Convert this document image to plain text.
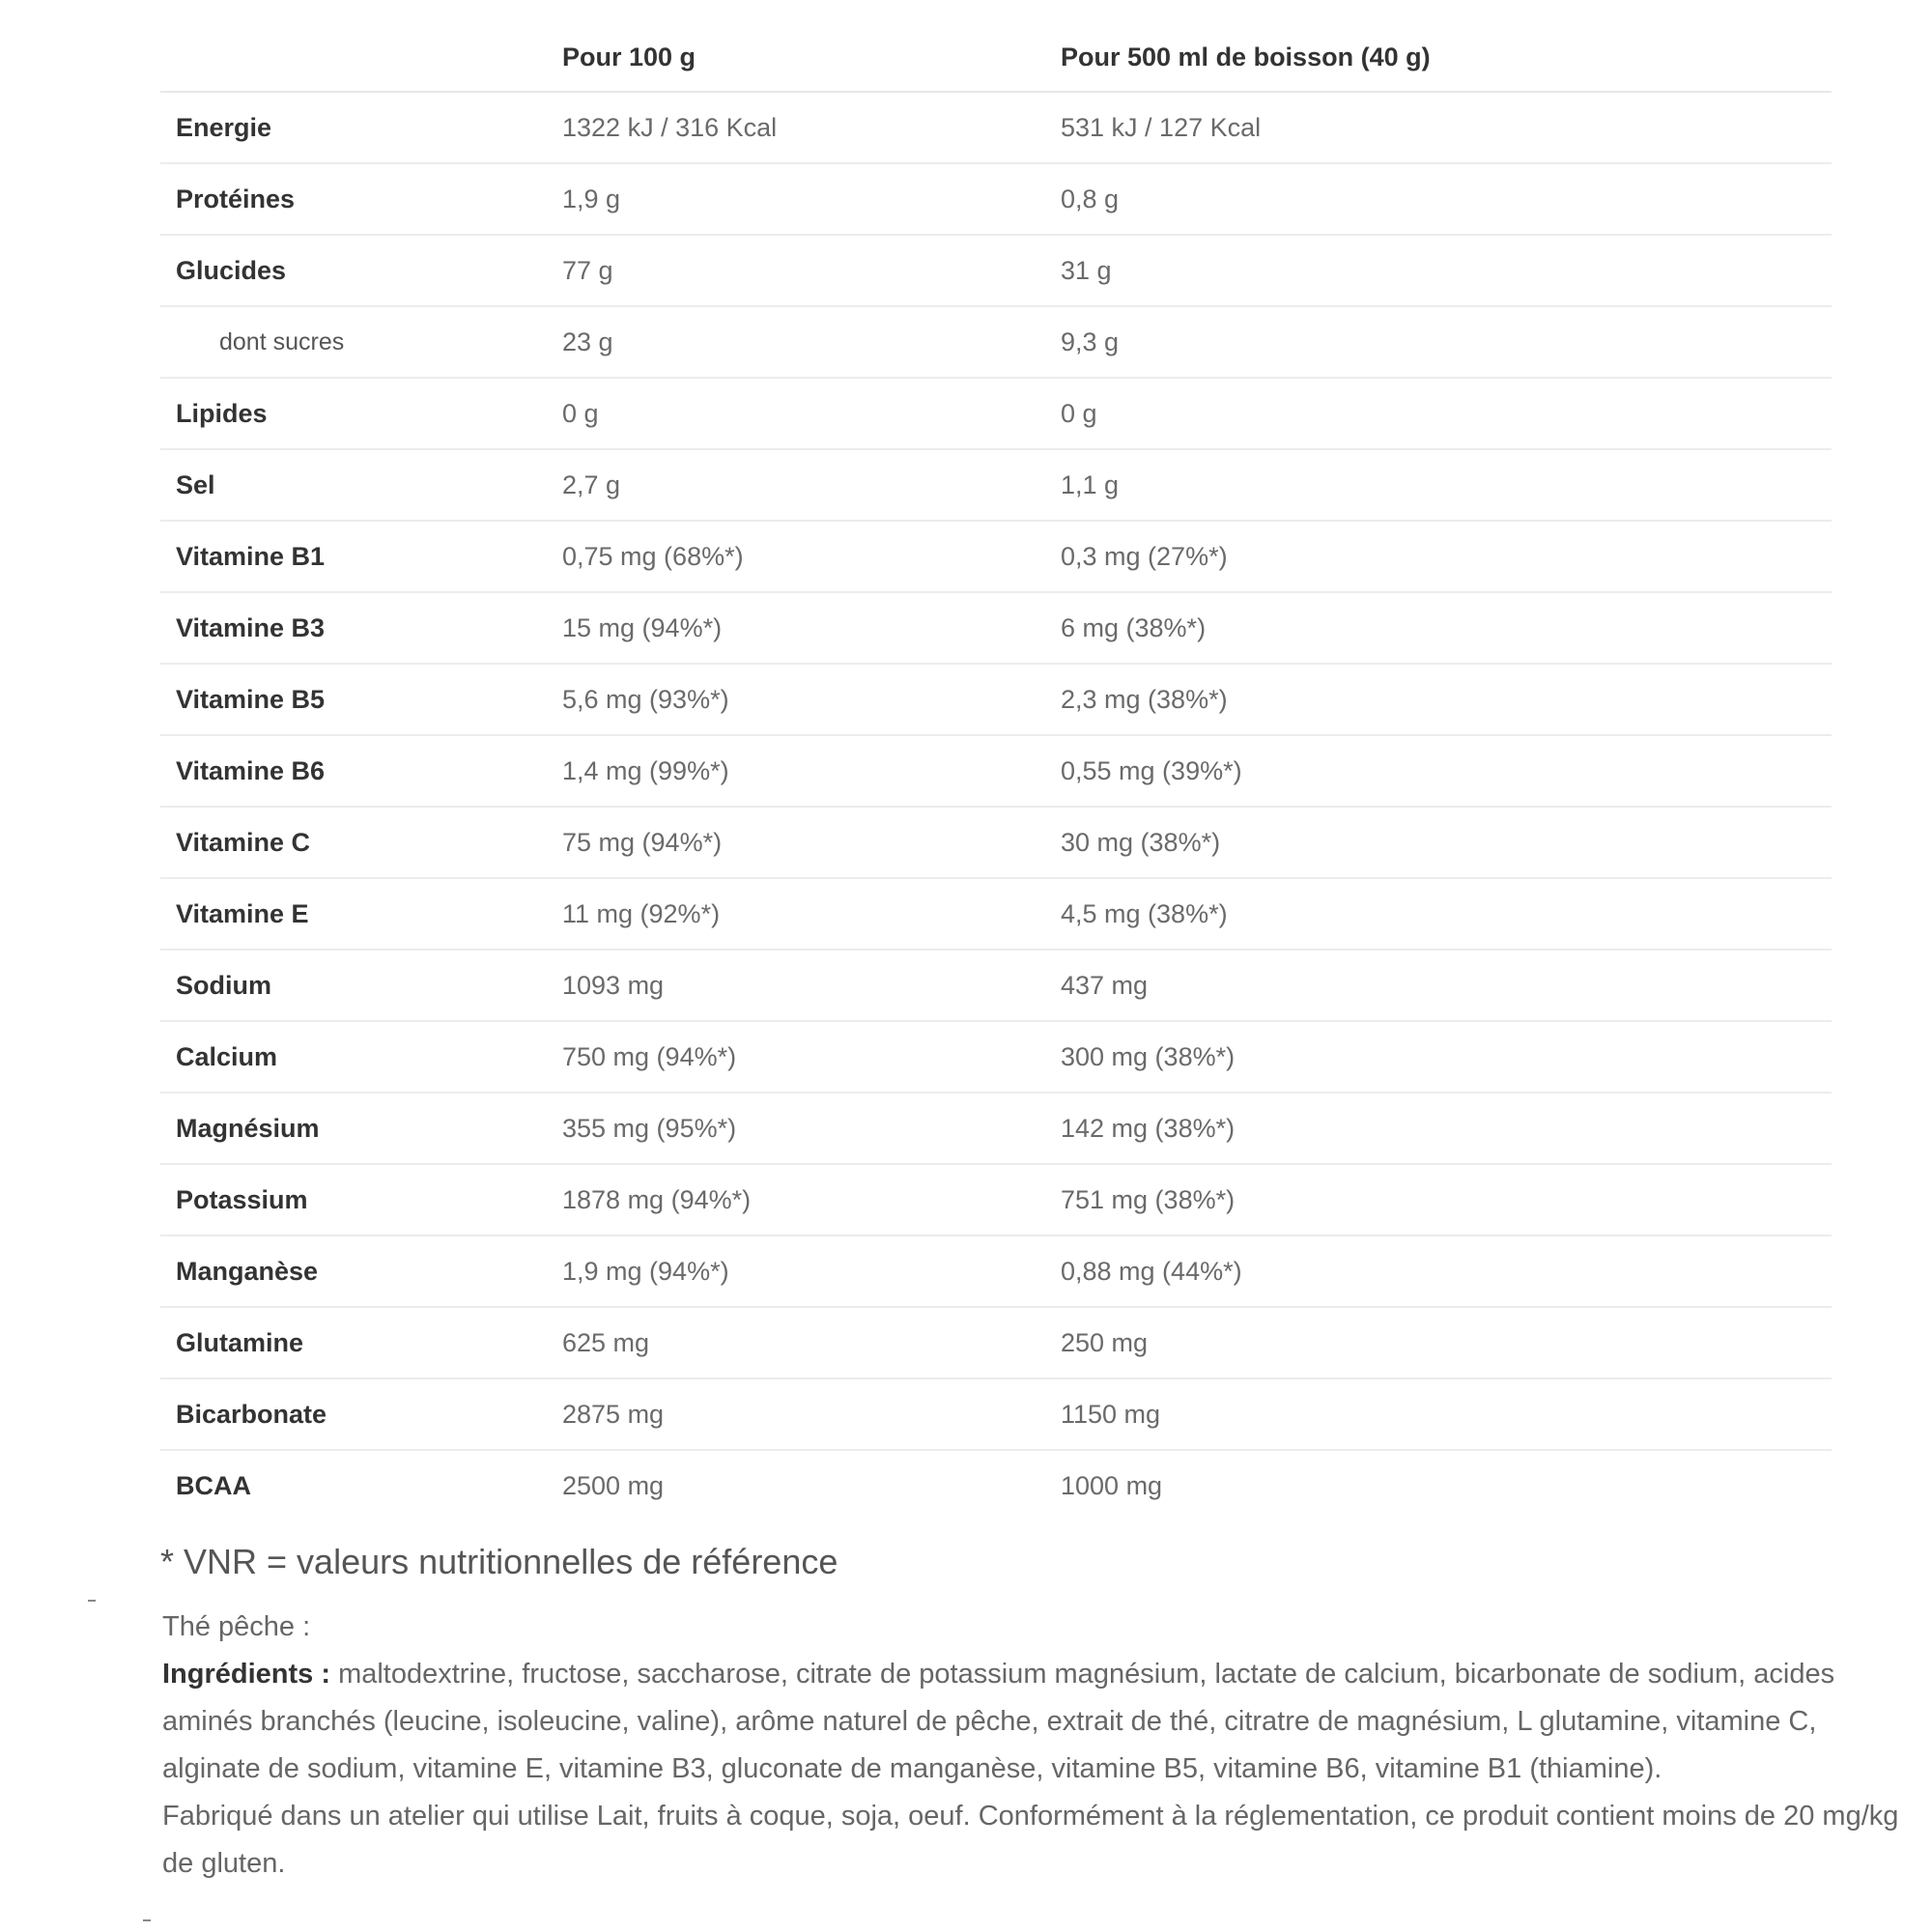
	Pour 100 g	Pour 500 ml de boisson (40 g)
Energie	1322 kJ / 316 Kcal	531 kJ / 127 Kcal
Protéines	1,9 g	0,8 g
Glucides	77 g	31 g
dont sucres	23 g	9,3 g
Lipides	0 g	0 g
Sel	2,7 g	1,1 g
Vitamine B1	0,75 mg (68%*)	0,3 mg (27%*)
Vitamine B3	15 mg (94%*)	6 mg (38%*)
Vitamine B5	5,6 mg (93%*)	2,3 mg (38%*)
Vitamine B6	1,4 mg (99%*)	0,55 mg (39%*)
Vitamine C	75 mg (94%*)	30 mg (38%*)
Vitamine E	11 mg (92%*)	4,5 mg (38%*)
Sodium	1093 mg	437 mg
Calcium	750 mg (94%*)	300 mg (38%*)
Magnésium	355 mg (95%*)	142 mg (38%*)
Potassium	1878 mg (94%*)	751 mg (38%*)
Manganèse	1,9 mg (94%*)	0,88 mg (44%*)
Glutamine	625 mg	250 mg
Bicarbonate	2875 mg	1150 mg
BCAA	2500 mg	1000 mg
* VNR = valeurs nutritionnelles de référence

Thé pêche :

Ingrédients : maltodextrine, fructose, saccharose, citrate de potassium magnésium, lactate de calcium, bicarbonate de sodium, acides aminés branchés (leucine, isoleucine, valine), arôme naturel de pêche, extrait de thé, citratre de magnésium, L glutamine, vitamine C, alginate de sodium, vitamine E, vitamine B3, gluconate de manganèse, vitamine B5, vitamine B6, vitamine B1 (thiamine).

Fabriqué dans un atelier qui utilise Lait, fruits à coque, soja, oeuf. Conformément à la réglementation, ce produit contient moins de 20 mg/kg de gluten.
